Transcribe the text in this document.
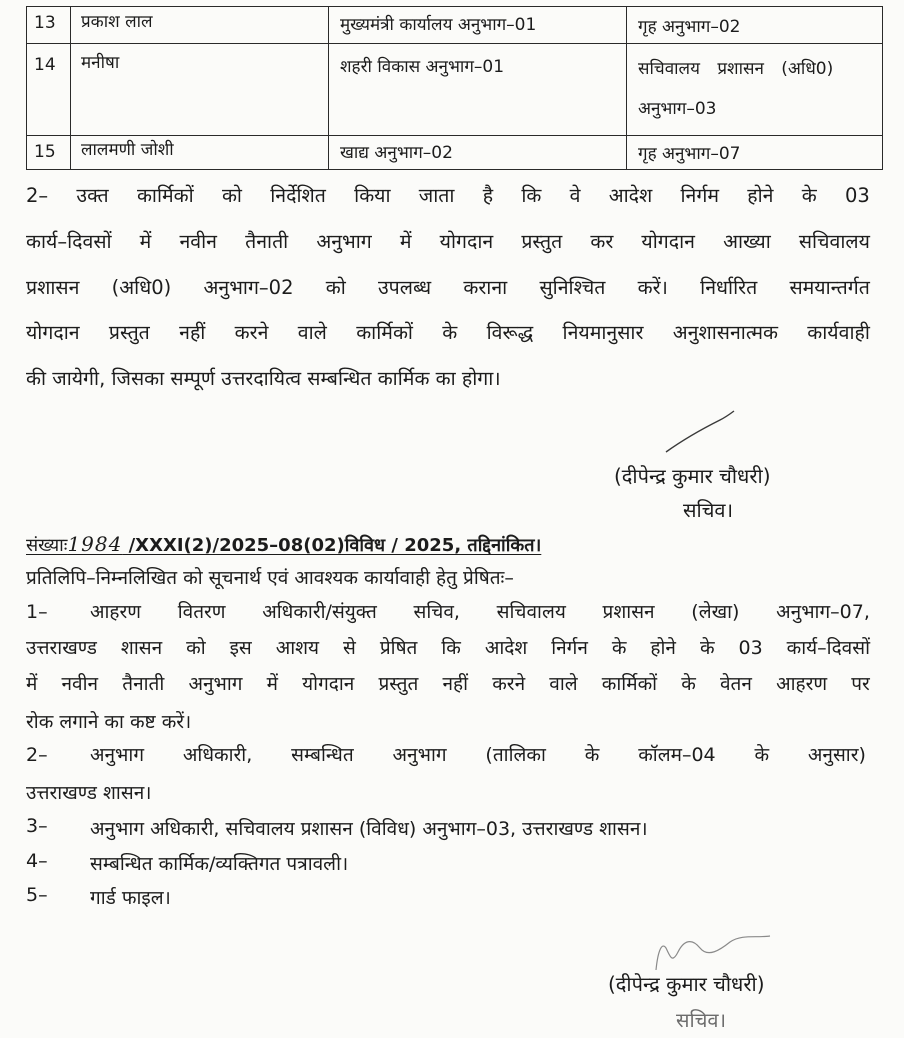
13 प्रकाश लाल	मुख्यमंत्री कार्यालय अनुभाग–01	गृह अनुभाग–02
14 मनीषा	शहरी विकास अनुभाग–01	सचिवालय प्रशासन (अधि0)
अनुभाग–03
15 लालमणी जोशी	खाद्य अनुभाग–02	गृह अनुभाग–07
2– उक्त कार्मिकों को निर्देशित किया जाता है कि वे आदेश निर्गम होने के 03
कार्य–दिवसों में नवीन तैनाती अनुभाग में योगदान प्रस्तुत कर योगदान आख्या सचिवालय
प्रशासन (अधि0) अनुभाग–02 को उपलब्ध कराना सुनिश्चित करें। निर्धारित समयान्तर्गत
योगदान प्रस्तुत नहीं करने वाले कार्मिकों के विरूद्ध नियमानुसार अनुशासनात्मक कार्यवाही
की जायेगी, जिसका सम्पूर्ण उत्तरदायित्व सम्बन्धित कार्मिक का होगा।
(दीपेन्द्र कुमार चौधरी)
सचिव।
संख्याः1984 /XXXI(2)/2025–08(02)विविध / 2025, तद्दिनांकित।
प्रतिलिपि–निम्नलिखित को सूचनार्थ एवं आवश्यक कार्यावाही हेतु प्रेषितः–
1– आहरण वितरण अधिकारी/संयुक्त सचिव, सचिवालय प्रशासन (लेखा) अनुभाग–07,
उत्तराखण्ड शासन को इस आशय से प्रेषित कि आदेश निर्गन के होने के 03 कार्य–दिवसों
में नवीन तैनाती अनुभाग में योगदान प्रस्तुत नहीं करने वाले कार्मिकों के वेतन आहरण पर
रोक लगाने का कष्ट करें।
2– अनुभाग अधिकारी, सम्बन्धित अनुभाग (तालिका के कॉलम–04 के अनुसार)
उत्तराखण्ड शासन।
3– अनुभाग अधिकारी, सचिवालय प्रशासन (विविध) अनुभाग–03, उत्तराखण्ड शासन।
4– सम्बन्धित कार्मिक/व्यक्तिगत पत्रावली।
5– गार्ड फाइल।
(दीपेन्द्र कुमार चौधरी)
सचिव।
